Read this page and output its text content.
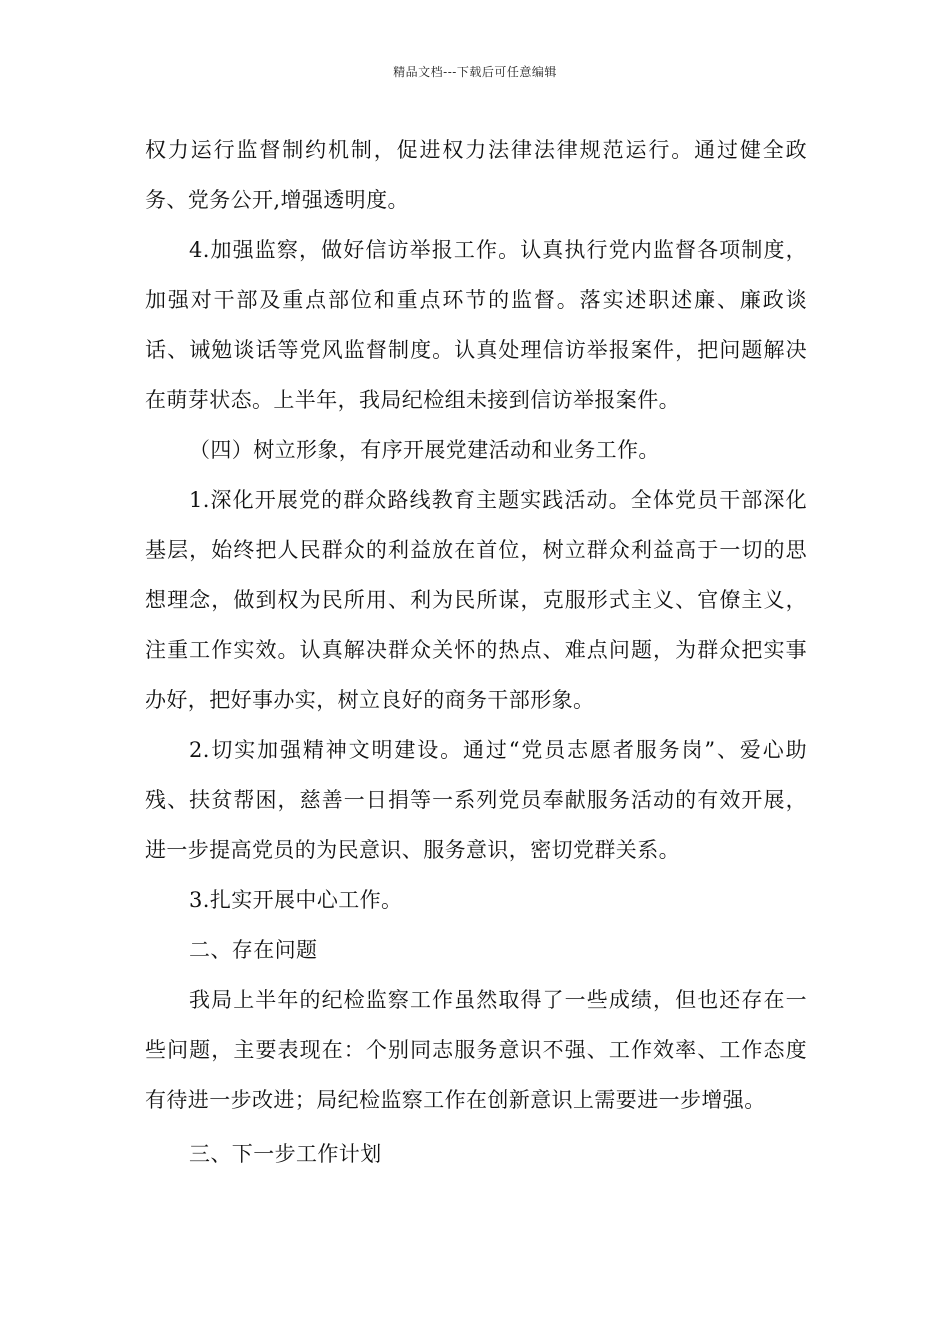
精品文档---下载后可任意编辑

权力运行监督制约机制，促进权力法律法律规范运行。通过健全政务、党务公开,增强透明度。

4.加强监察，做好信访举报工作。认真执行党内监督各项制度，加强对干部及重点部位和重点环节的监督。落实述职述廉、廉政谈话、诫勉谈话等党风监督制度。认真处理信访举报案件，把问题解决在萌芽状态。上半年，我局纪检组未接到信访举报案件。

（四）树立形象，有序开展党建活动和业务工作。

1.深化开展党的群众路线教育主题实践活动。全体党员干部深化基层，始终把人民群众的利益放在首位，树立群众利益高于一切的思想理念，做到权为民所用、利为民所谋，克服形式主义、官僚主义，注重工作实效。认真解决群众关怀的热点、难点问题，为群众把实事办好，把好事办实，树立良好的商务干部形象。

2.切实加强精神文明建设。通过“党员志愿者服务岗”、爱心助残、扶贫帮困，慈善一日捐等一系列党员奉献服务活动的有效开展，进一步提高党员的为民意识、服务意识，密切党群关系。

3.扎实开展中心工作。

二、存在问题

我局上半年的纪检监察工作虽然取得了一些成绩，但也还存在一些问题，主要表现在：个别同志服务意识不强、工作效率、工作态度有待进一步改进；局纪检监察工作在创新意识上需要进一步增强。

三、下一步工作计划
